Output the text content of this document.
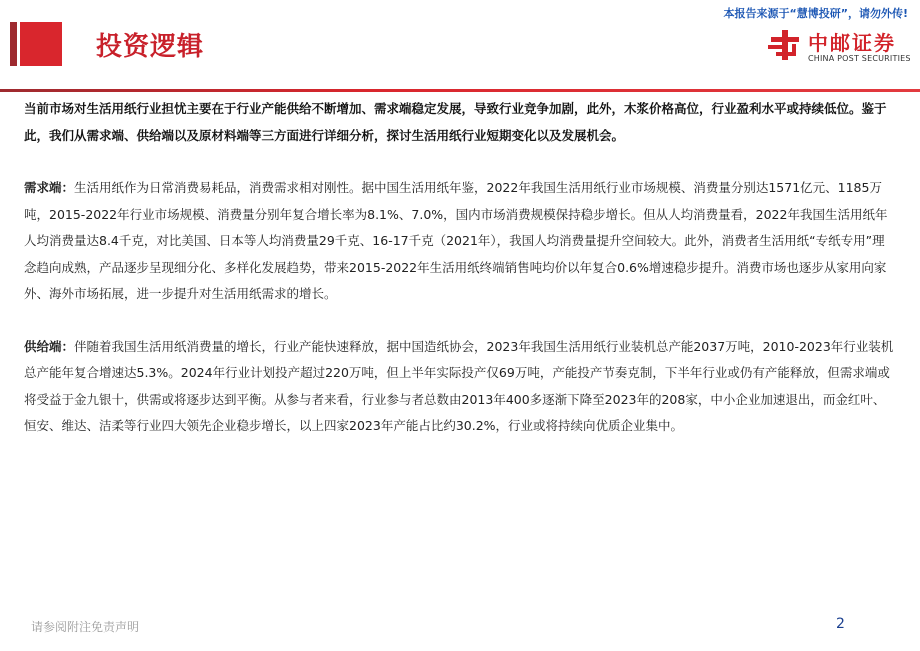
本报告来源于“慧博投研”，请勿外传!
投资逻辑	中邮证券
CHINA POST SECURITIES

当前市场对生活用纸行业担忧主要在于行业产能供给不断增加、需求端稳定发展，导致行业竞争加剧，此外，木浆价格高位，行业盈利水平或持续低位。鉴于此，我们从需求端、供给端以及原材料端等三方面进行详细分析，探讨生活用纸行业短期变化以及发展机会。

需求端：生活用纸作为日常消费易耗品，消费需求相对刚性。据中国生活用纸年鉴，2022年我国生活用纸行业市场规模、消费量分别达1571亿元、1185万吨，2015-2022年行业市场规模、消费量分别年复合增长率为8.1%、7.0%，国内市场消费规模保持稳步增长。但从人均消费量看，2022年我国生活用纸年人均消费量达8.4千克，对比美国、日本等人均消费量29千克、16-17千克（2021年），我国人均消费量提升空间较大。此外，消费者生活用纸“专纸专用”理念趋向成熟，产品逐步呈现细分化、多样化发展趋势，带来2015-2022年生活用纸终端销售吨均价以年复合0.6%增速稳步提升。消费市场也逐步从家用向家外、海外市场拓展，进一步提升对生活用纸需求的增长。

供给端：伴随着我国生活用纸消费量的增长，行业产能快速释放，据中国造纸协会，2023年我国生活用纸行业装机总产能2037万吨，2010-2023年行业装机总产能年复合增速达5.3%。2024年行业计划投产超过220万吨，但上半年实际投产仅69万吨，产能投产节奏克制，下半年行业或仍有产能释放，但需求端或将受益于金九银十，供需或将逐步达到平衡。从参与者来看，行业参与者总数由2013年400多逐渐下降至2023年的208家，中小企业加速退出，而金红叶、恒安、维达、洁柔等行业四大领先企业稳步增长，以上四家2023年产能占比约30.2%，行业或将持续向优质企业集中。

请参阅附注免责声明	2
